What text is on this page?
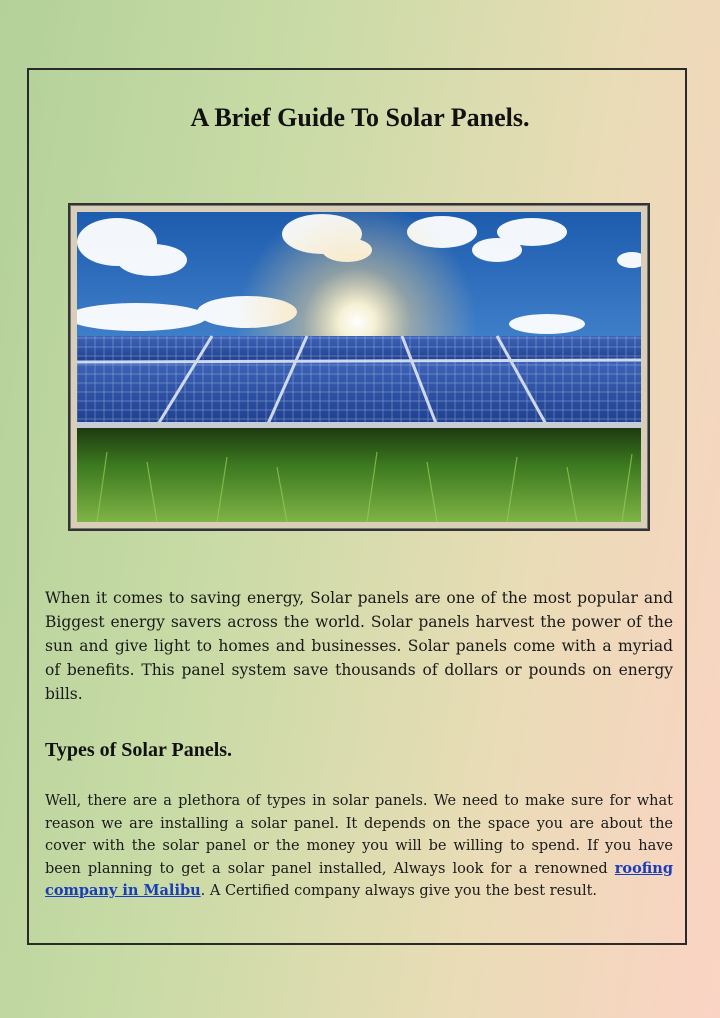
A Brief Guide To Solar Panels.

When it comes to saving energy, Solar panels are one of the most popular and Biggest energy savers across the world. Solar panels harvest the power of the sun and give light to homes and businesses. Solar panels come with a myriad of benefits. This panel system save thousands of dollars or pounds on energy bills.

Types of Solar Panels.

Well, there are a plethora of types in solar panels. We need to make sure for what reason we are installing a solar panel. It depends on the space you are about the cover with the solar panel or the money you will be willing to spend. If you have been planning to get a solar panel installed, Always look for a renowned roofing company in Malibu. A Certified company always give you the best result.
